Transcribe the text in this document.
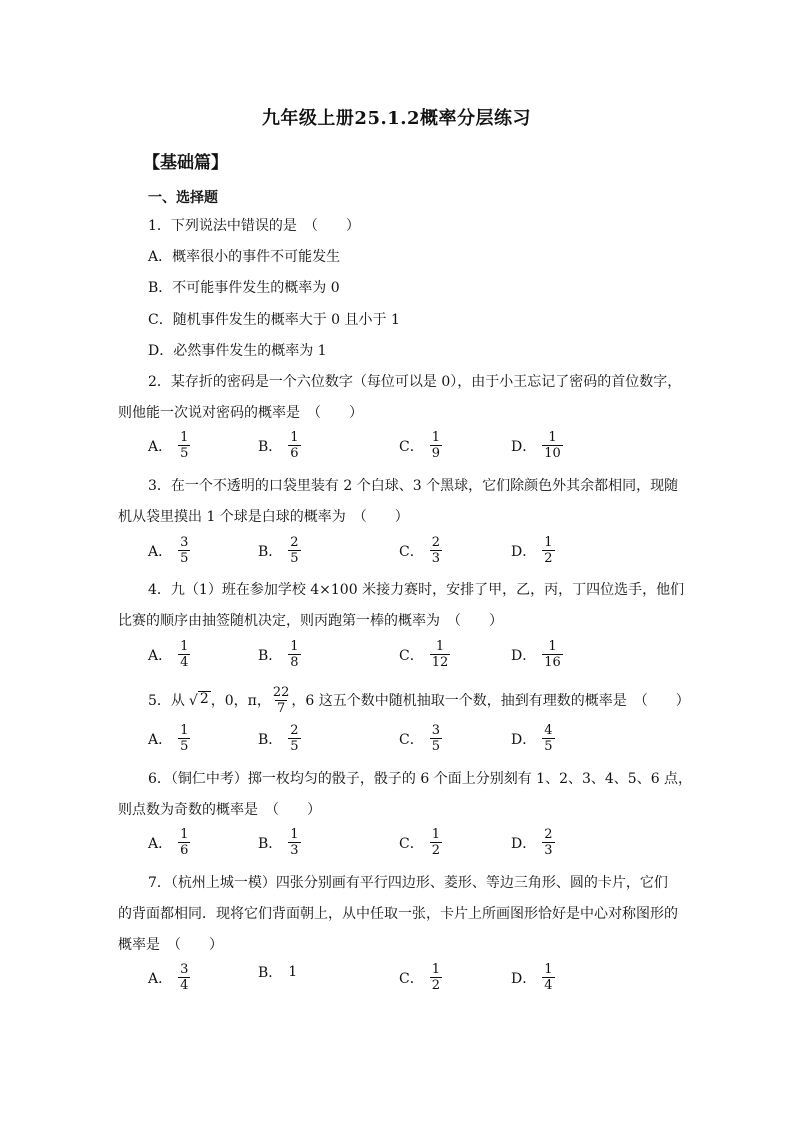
九年级上册25.1.2概率分层练习
【基础篇】
一、选择题
1．下列说法中错误的是　（　　）
A．概率很小的事件不可能发生
B．不可能事件发生的概率为 0
C．随机事件发生的概率大于 0 且小于 1
D．必然事件发生的概率为 1
2．某存折的密码是一个六位数字（每位可以是 0），由于小王忘记了密码的首位数字，
则他能一次说对密码的概率是　（　　）
3．在一个不透明的口袋里装有 2 个白球、3 个黑球，它们除颜色外其余都相同，现随
机从袋里摸出 1 个球是白球的概率为　（　　）
4．九（1）班在参加学校 4×100 米接力赛时，安排了甲，乙，丙，丁四位选手，他们
比赛的顺序由抽签随机决定，则丙跑第一棒的概率为　（　　）
5．从 √ 2 ，0，π， $\frac{22}{7}$ ，6 这五个数中随机抽取一个数，抽到有理数的概率是　（　　）
6．（铜仁中考）掷一枚均匀的骰子，骰子的 6 个面上分别刻有 1、2、3、4、5、6 点，
则点数为奇数的概率是　（　　）
7．（杭州上城一模）四张分别画有平行四边形、菱形、等边三角形、圆的卡片，它们
的背面都相同．现将它们背面朝上，从中任取一张，卡片上所画图形恰好是中心对称图形的
概率是　（　　）
A． $\frac{1}{5}$	B． $\frac{1}{6}$	C． $\frac{1}{9}$	D． $\frac{1}{10}$
A． $\frac{3}{5}$	B． $\frac{2}{5}$	C． $\frac{2}{3}$	D． $\frac{1}{2}$
A． $\frac{1}{4}$	B． $\frac{1}{8}$	C． $\frac{1}{12}$	D． $\frac{1}{16}$
A． $\frac{1}{5}$	B． $\frac{2}{5}$	C． $\frac{3}{5}$	D． $\frac{4}{5}$
A． $\frac{1}{6}$	B． $\frac{1}{3}$	C． $\frac{1}{2}$	D． $\frac{2}{3}$
A． $\frac{3}{4}$	B． 1	C． $\frac{1}{2}$	D． $\frac{1}{4}$
